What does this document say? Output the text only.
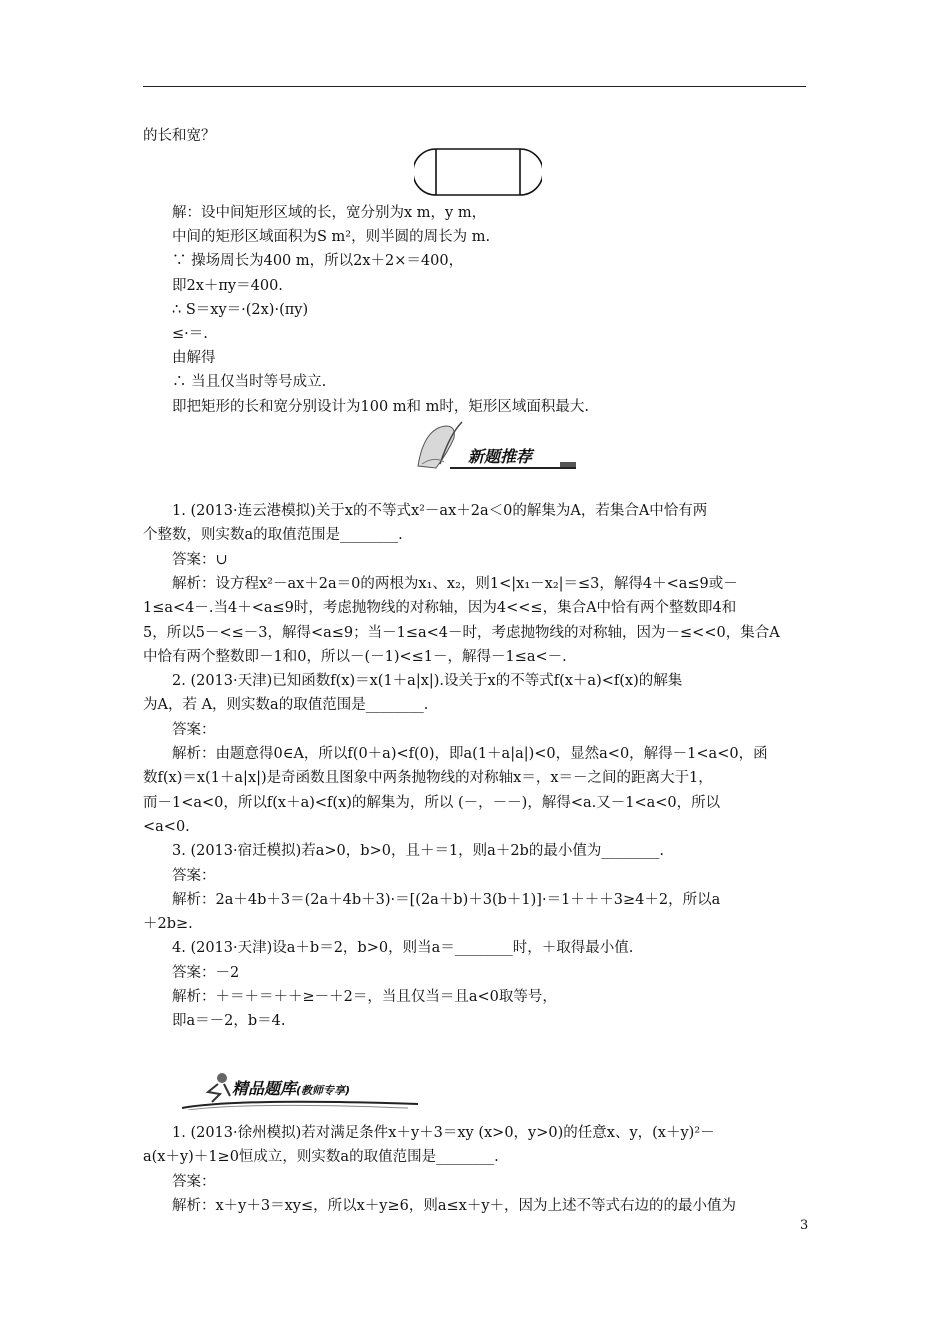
的长和宽？
解：设中间矩形区域的长，宽分别为x m，y m，
中间的矩形区域面积为S m²，则半圆的周长为 m.
∵ 操场周长为400 m，所以2x＋2×＝400，
即2x＋πy＝400.
∴ S＝xy＝·(2x)·(πy)
≤·＝.
由解得
∴ 当且仅当时等号成立.
即把矩形的长和宽分别设计为100 m和 m时，矩形区域面积最大.
新题推荐
1. (2013·连云港模拟)关于x的不等式x²－ax＋2a＜0的解集为A，若集合A中恰有两
个整数，则实数a的取值范围是________.
答案：∪
解析：设方程x²－ax＋2a＝0的两根为x₁、x₂，则1<|x₁－x₂|＝≤3，解得4＋<a≤9或－
1≤a<4－.当4＋<a≤9时，考虑抛物线的对称轴，因为4<<≤，集合A中恰有两个整数即4和
5，所以5－<≤－3，解得<a≤9；当－1≤a<4－时，考虑抛物线的对称轴，因为－≤<<0，集合A
中恰有两个整数即－1和0，所以－(－1)<≤1－，解得－1≤a<－.
2. (2013·天津)已知函数f(x)＝x(1＋a|x|).设关于x的不等式f(x＋a)<f(x)的解集
为A，若 A，则实数a的取值范围是________.
答案：
解析：由题意得0∈A，所以f(0＋a)<f(0)，即a(1＋a|a|)<0，显然a<0，解得－1<a<0，函
数f(x)＝x(1＋a|x|)是奇函数且图象中两条抛物线的对称轴x＝，x＝－之间的距离大于1，
而－1<a<0，所以f(x＋a)<f(x)的解集为，所以 (－，－－)，解得<a.又－1<a<0，所以
<a<0.
3. (2013·宿迁模拟)若a>0，b>0，且＋＝1，则a＋2b的最小值为________.
答案：
解析：2a＋4b＋3＝(2a＋4b＋3)·＝[(2a＋b)＋3(b＋1)]·＝1＋＋＋3≥4＋2，所以a
＋2b≥.
4. (2013·天津)设a＋b＝2，b>0，则当a＝________时，＋取得最小值.
答案：－2
解析：＋＝＋＝＋＋≥－＋2＝，当且仅当＝且a<0取等号，
即a＝－2，b＝4.
精品题库(教师专享)
1. (2013·徐州模拟)若对满足条件x＋y＋3＝xy (x>0，y>0)的任意x、y，(x＋y)²－
a(x＋y)＋1≥0恒成立，则实数a的取值范围是________.
答案：
解析：x＋y＋3＝xy≤，所以x＋y≥6，则a≤x＋y＋，因为上述不等式右边的的最小值为
3
